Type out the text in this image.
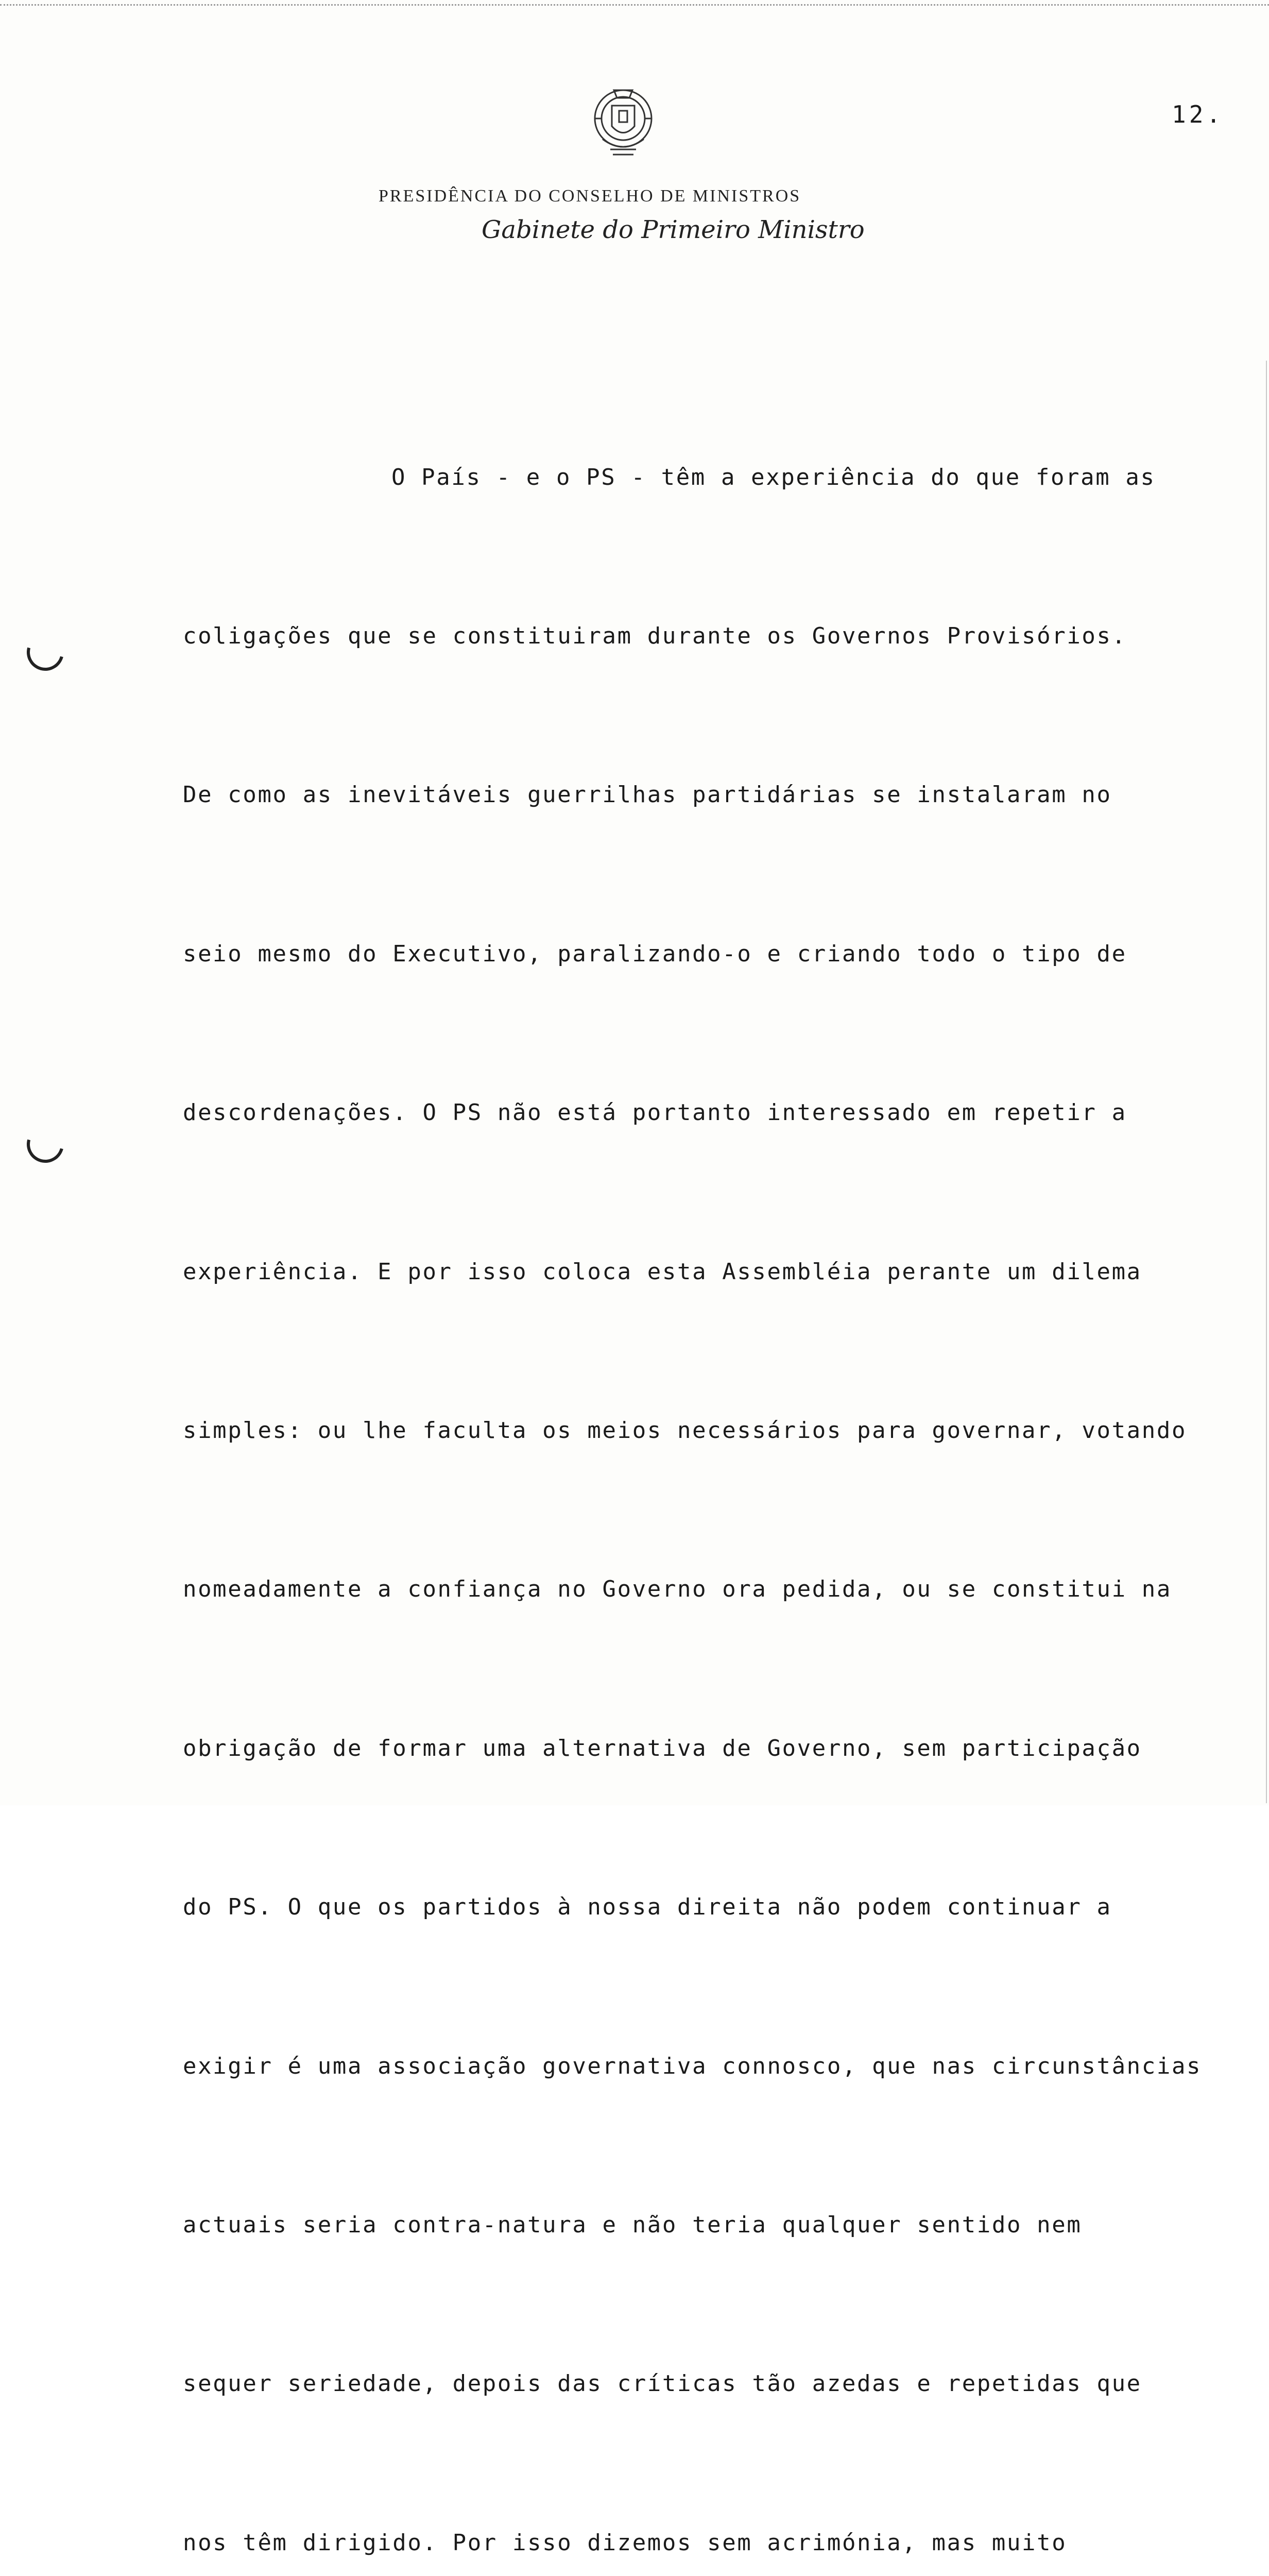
12.
PRESIDÊNCIA DO CONSELHO DE MINISTROS
Gabinete do Primeiro Ministro

O País - e o PS - têm a experiência do que foram as

coligações que se constituiram durante os Governos Provisórios.

De como as inevitáveis guerrilhas partidárias se instalaram no

seio mesmo do Executivo, paralizando-o e criando todo o tipo de

descordenações. O PS não está portanto interessado em repetir a

experiência. E por isso coloca esta Assembléia perante um dilema

simples: ou lhe faculta os meios necessários para governar, votando

nomeadamente a confiança no Governo ora pedida, ou se constitui na

obrigação de formar uma alternativa de Governo, sem participação

do PS. O que os partidos à nossa direita não podem continuar a

exigir é uma associação governativa connosco, que nas circunstâncias

actuais seria contra-natura e não teria qualquer sentido nem

sequer seriedade, depois das críticas tão azedas e repetidas que

nos têm dirigido. Por isso dizemos sem acrimónia, mas muito
